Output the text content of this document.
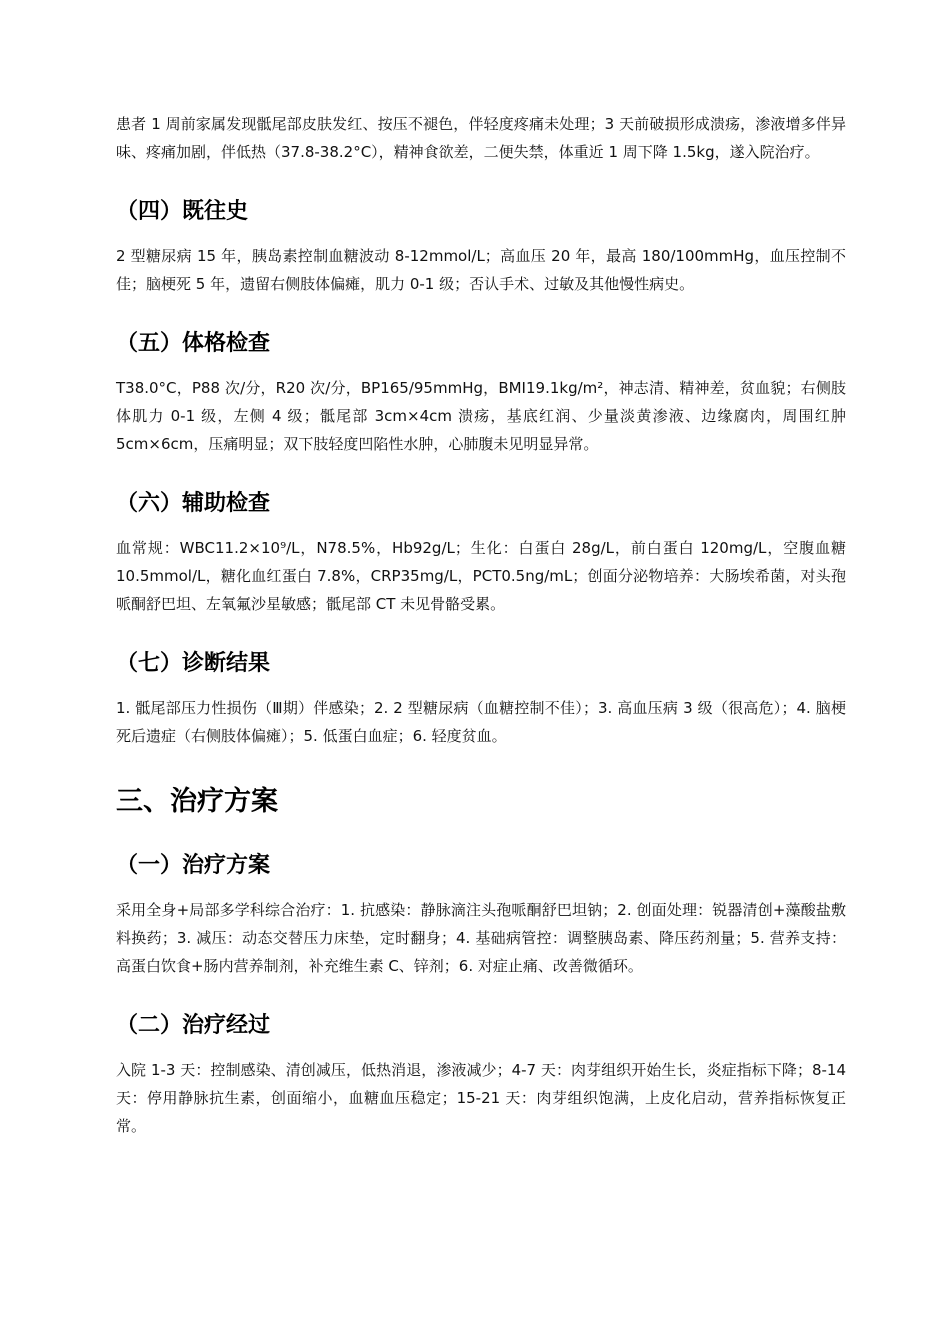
患者 1 周前家属发现骶尾部皮肤发红、按压不褪色，伴轻度疼痛未处理；3 天前破损形成溃疡，渗液增多伴异味、疼痛加剧，伴低热（37.8-38.2°C），精神食欲差，二便失禁，体重近 1 周下降 1.5kg，遂入院治疗。

（四）既往史

2 型糖尿病 15 年，胰岛素控制血糖波动 8-12mmol/L；高血压 20 年，最高 180/100mmHg，血压控制不佳；脑梗死 5 年，遗留右侧肢体偏瘫，肌力 0-1 级；否认手术、过敏及其他慢性病史。

（五）体格检查

T38.0°C，P88 次/分，R20 次/分，BP165/95mmHg，BMI19.1kg/m²，神志清、精神差，贫血貌；右侧肢体肌力 0-1 级，左侧 4 级；骶尾部 3cm×4cm 溃疡，基底红润、少量淡黄渗液、边缘腐肉，周围红肿 5cm×6cm，压痛明显；双下肢轻度凹陷性水肿，心肺腹未见明显异常。

（六）辅助检查

血常规：WBC11.2×10⁹/L，N78.5%，Hb92g/L；生化：白蛋白 28g/L，前白蛋白 120mg/L，空腹血糖 10.5mmol/L，糖化血红蛋白 7.8%，CRP35mg/L，PCT0.5ng/mL；创面分泌物培养：大肠埃希菌，对头孢哌酮舒巴坦、左氧氟沙星敏感；骶尾部 CT 未见骨骼受累。

（七）诊断结果

1. 骶尾部压力性损伤（Ⅲ期）伴感染；2. 2 型糖尿病（血糖控制不佳）；3. 高血压病 3 级（很高危）；4. 脑梗死后遗症（右侧肢体偏瘫）；5. 低蛋白血症；6. 轻度贫血。

三、治疗方案
（一）治疗方案

采用全身+局部多学科综合治疗：1. 抗感染：静脉滴注头孢哌酮舒巴坦钠；2. 创面处理：锐器清创+藻酸盐敷料换药；3. 减压：动态交替压力床垫，定时翻身；4. 基础病管控：调整胰岛素、降压药剂量；5. 营养支持：高蛋白饮食+肠内营养制剂，补充维生素 C、锌剂；6. 对症止痛、改善微循环。

（二）治疗经过

入院 1-3 天：控制感染、清创减压，低热消退，渗液减少；4-7 天：肉芽组织开始生长，炎症指标下降；8-14 天：停用静脉抗生素，创面缩小，血糖血压稳定；15-21 天：肉芽组织饱满，上皮化启动，营养指标恢复正常。
